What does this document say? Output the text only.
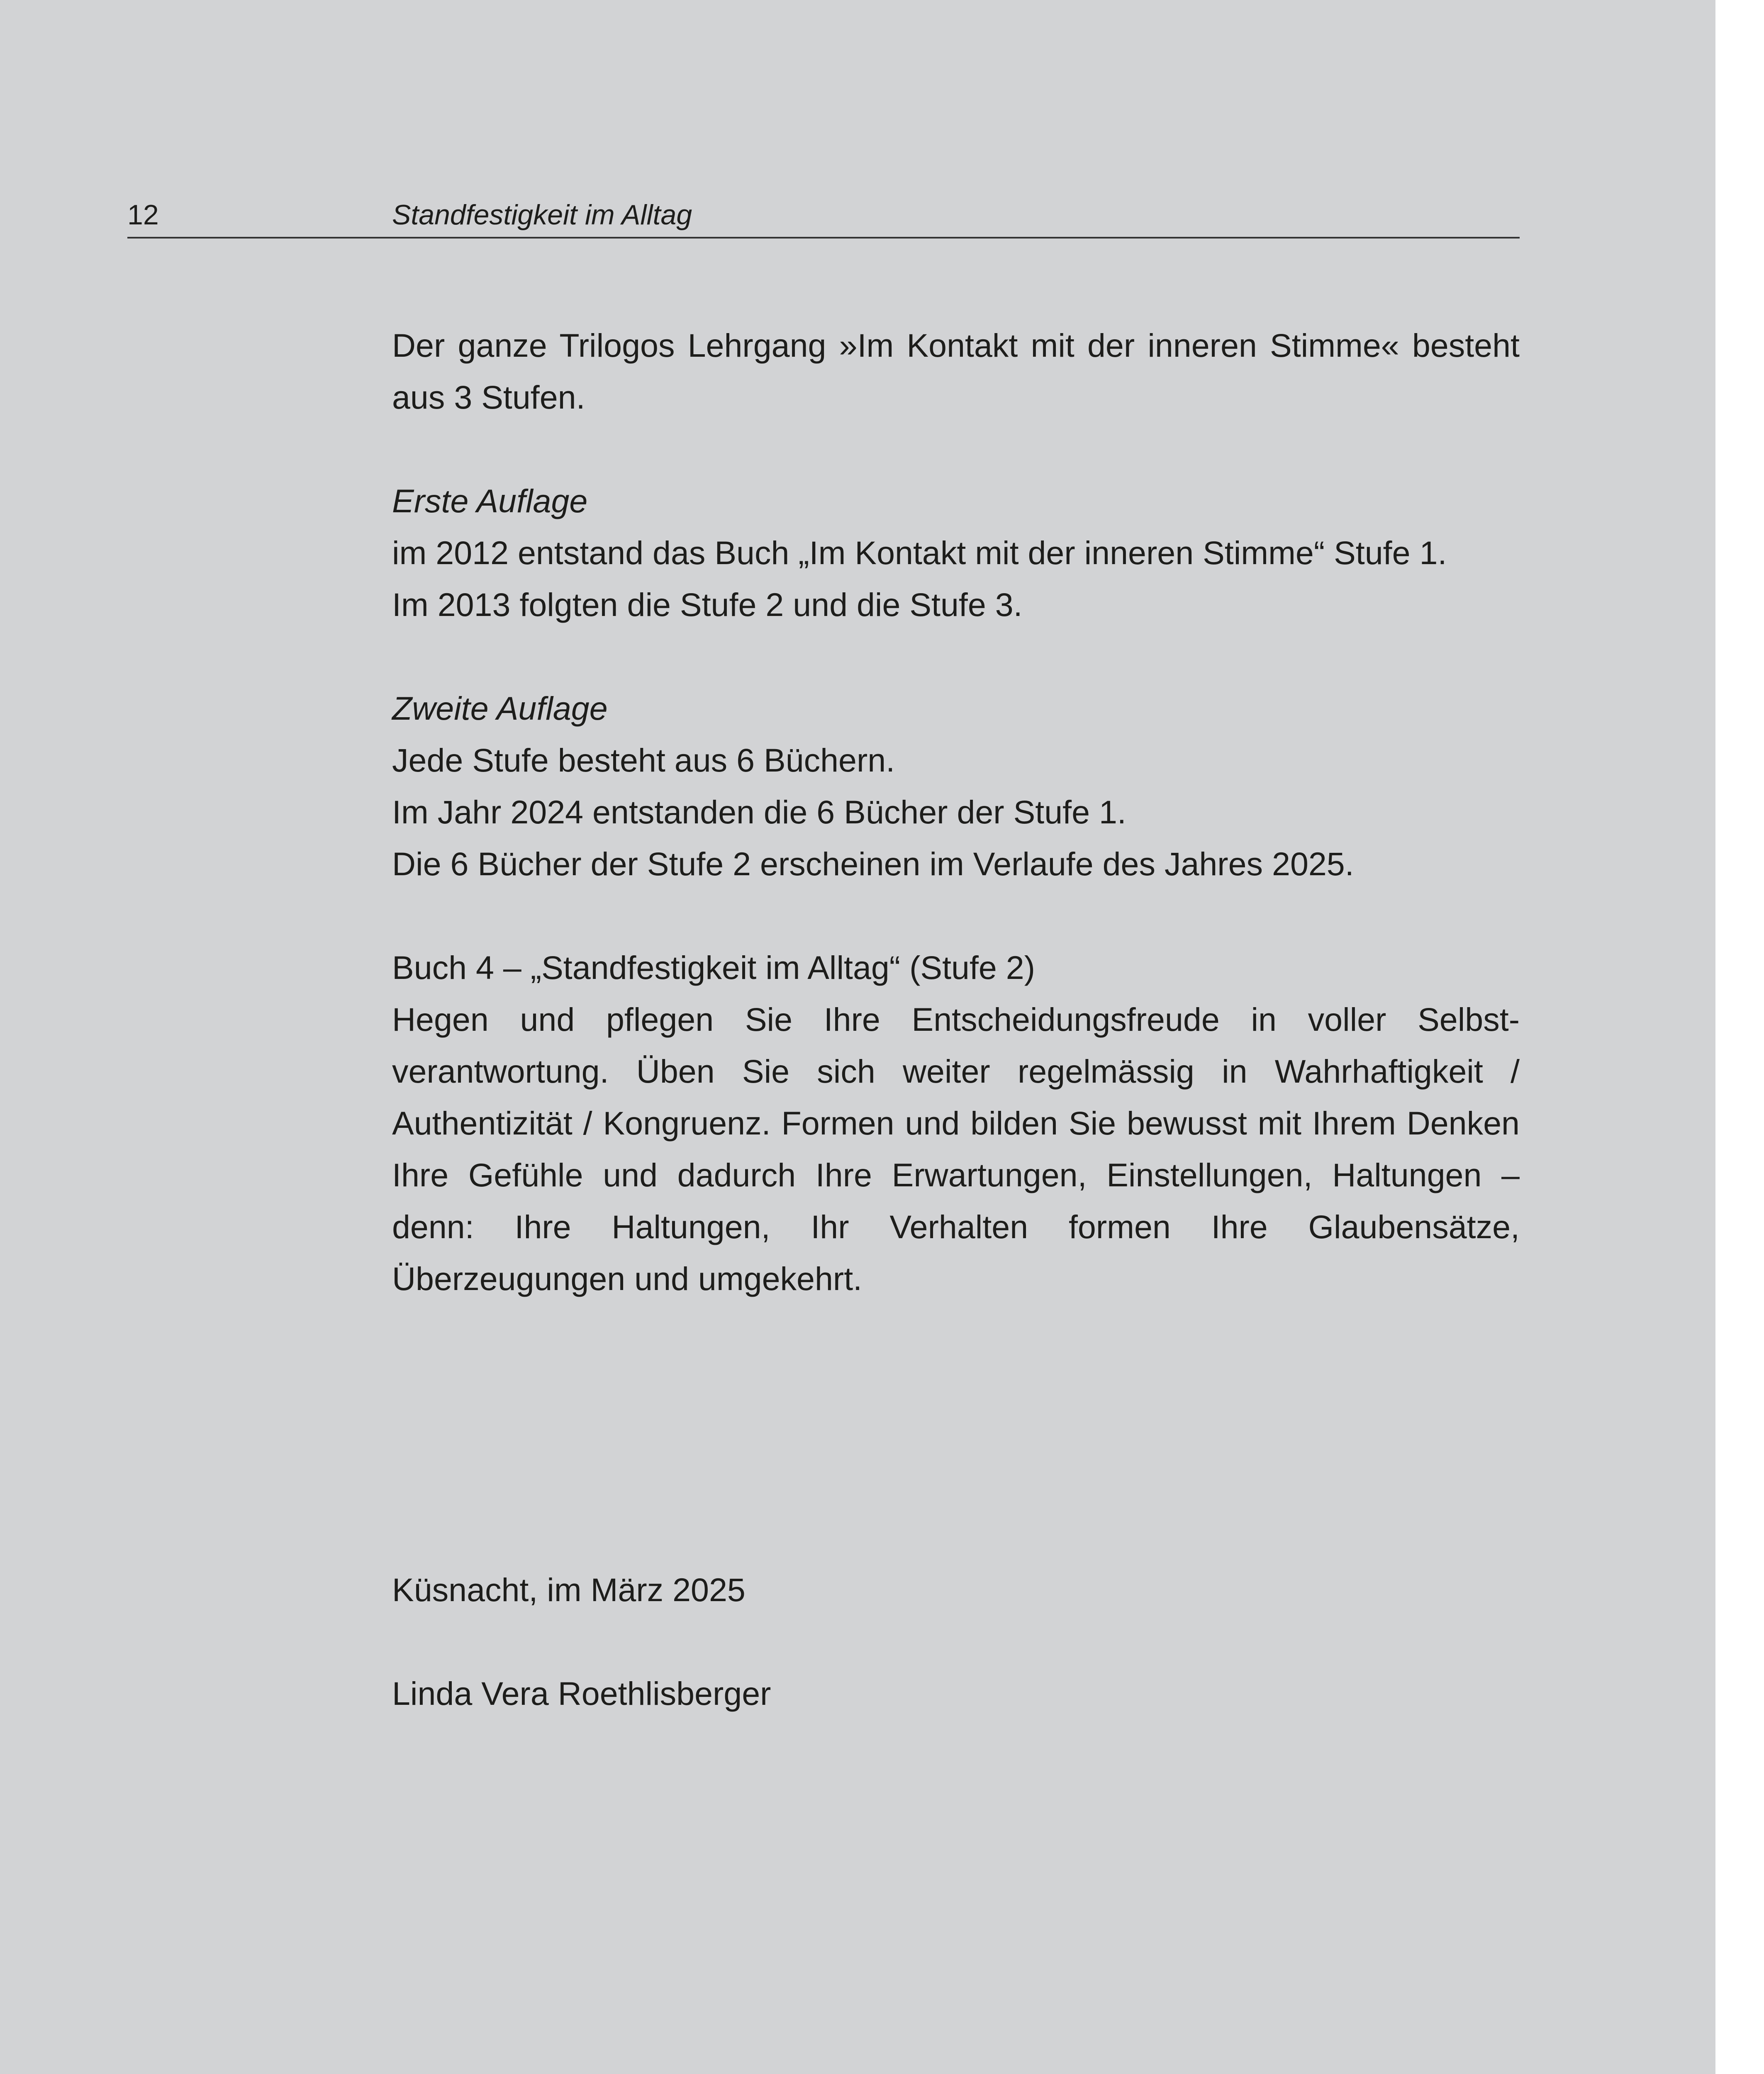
12	Standfestigkeit im Alltag

Der ganze Trilogos Lehrgang »Im Kontakt mit der inneren Stimme« besteht aus 3 Stufen.

Erste Auflage
im 2012 entstand das Buch „Im Kontakt mit der inneren Stimme“ Stufe 1.
Im 2013 folgten die Stufe 2 und die Stufe 3.
Zweite Auflage
Jede Stufe besteht aus 6 Büchern.
Im Jahr 2024 entstanden die 6 Bücher der Stufe 1.
Die 6 Bücher der Stufe 2 erscheinen im Verlaufe des Jahres 2025.
Buch 4 – „Standfestigkeit im Alltag“ (Stufe 2)
Hegen und pflegen Sie Ihre Entscheidungsfreude in voller Selbstverantwortung. Üben Sie sich weiter regelmässig in Wahrhaftigkeit / Authentizität / Kongruenz. Formen und bilden Sie bewusst mit Ihrem Denken Ihre Gefühle und dadurch Ihre Erwartungen, Einstellungen, Haltungen – denn: Ihre Haltungen, Ihr Verhalten formen Ihre Glaubensätze, Überzeugungen und umgekehrt.

Küsnacht, im März 2025

Linda Vera Roethlisberger
